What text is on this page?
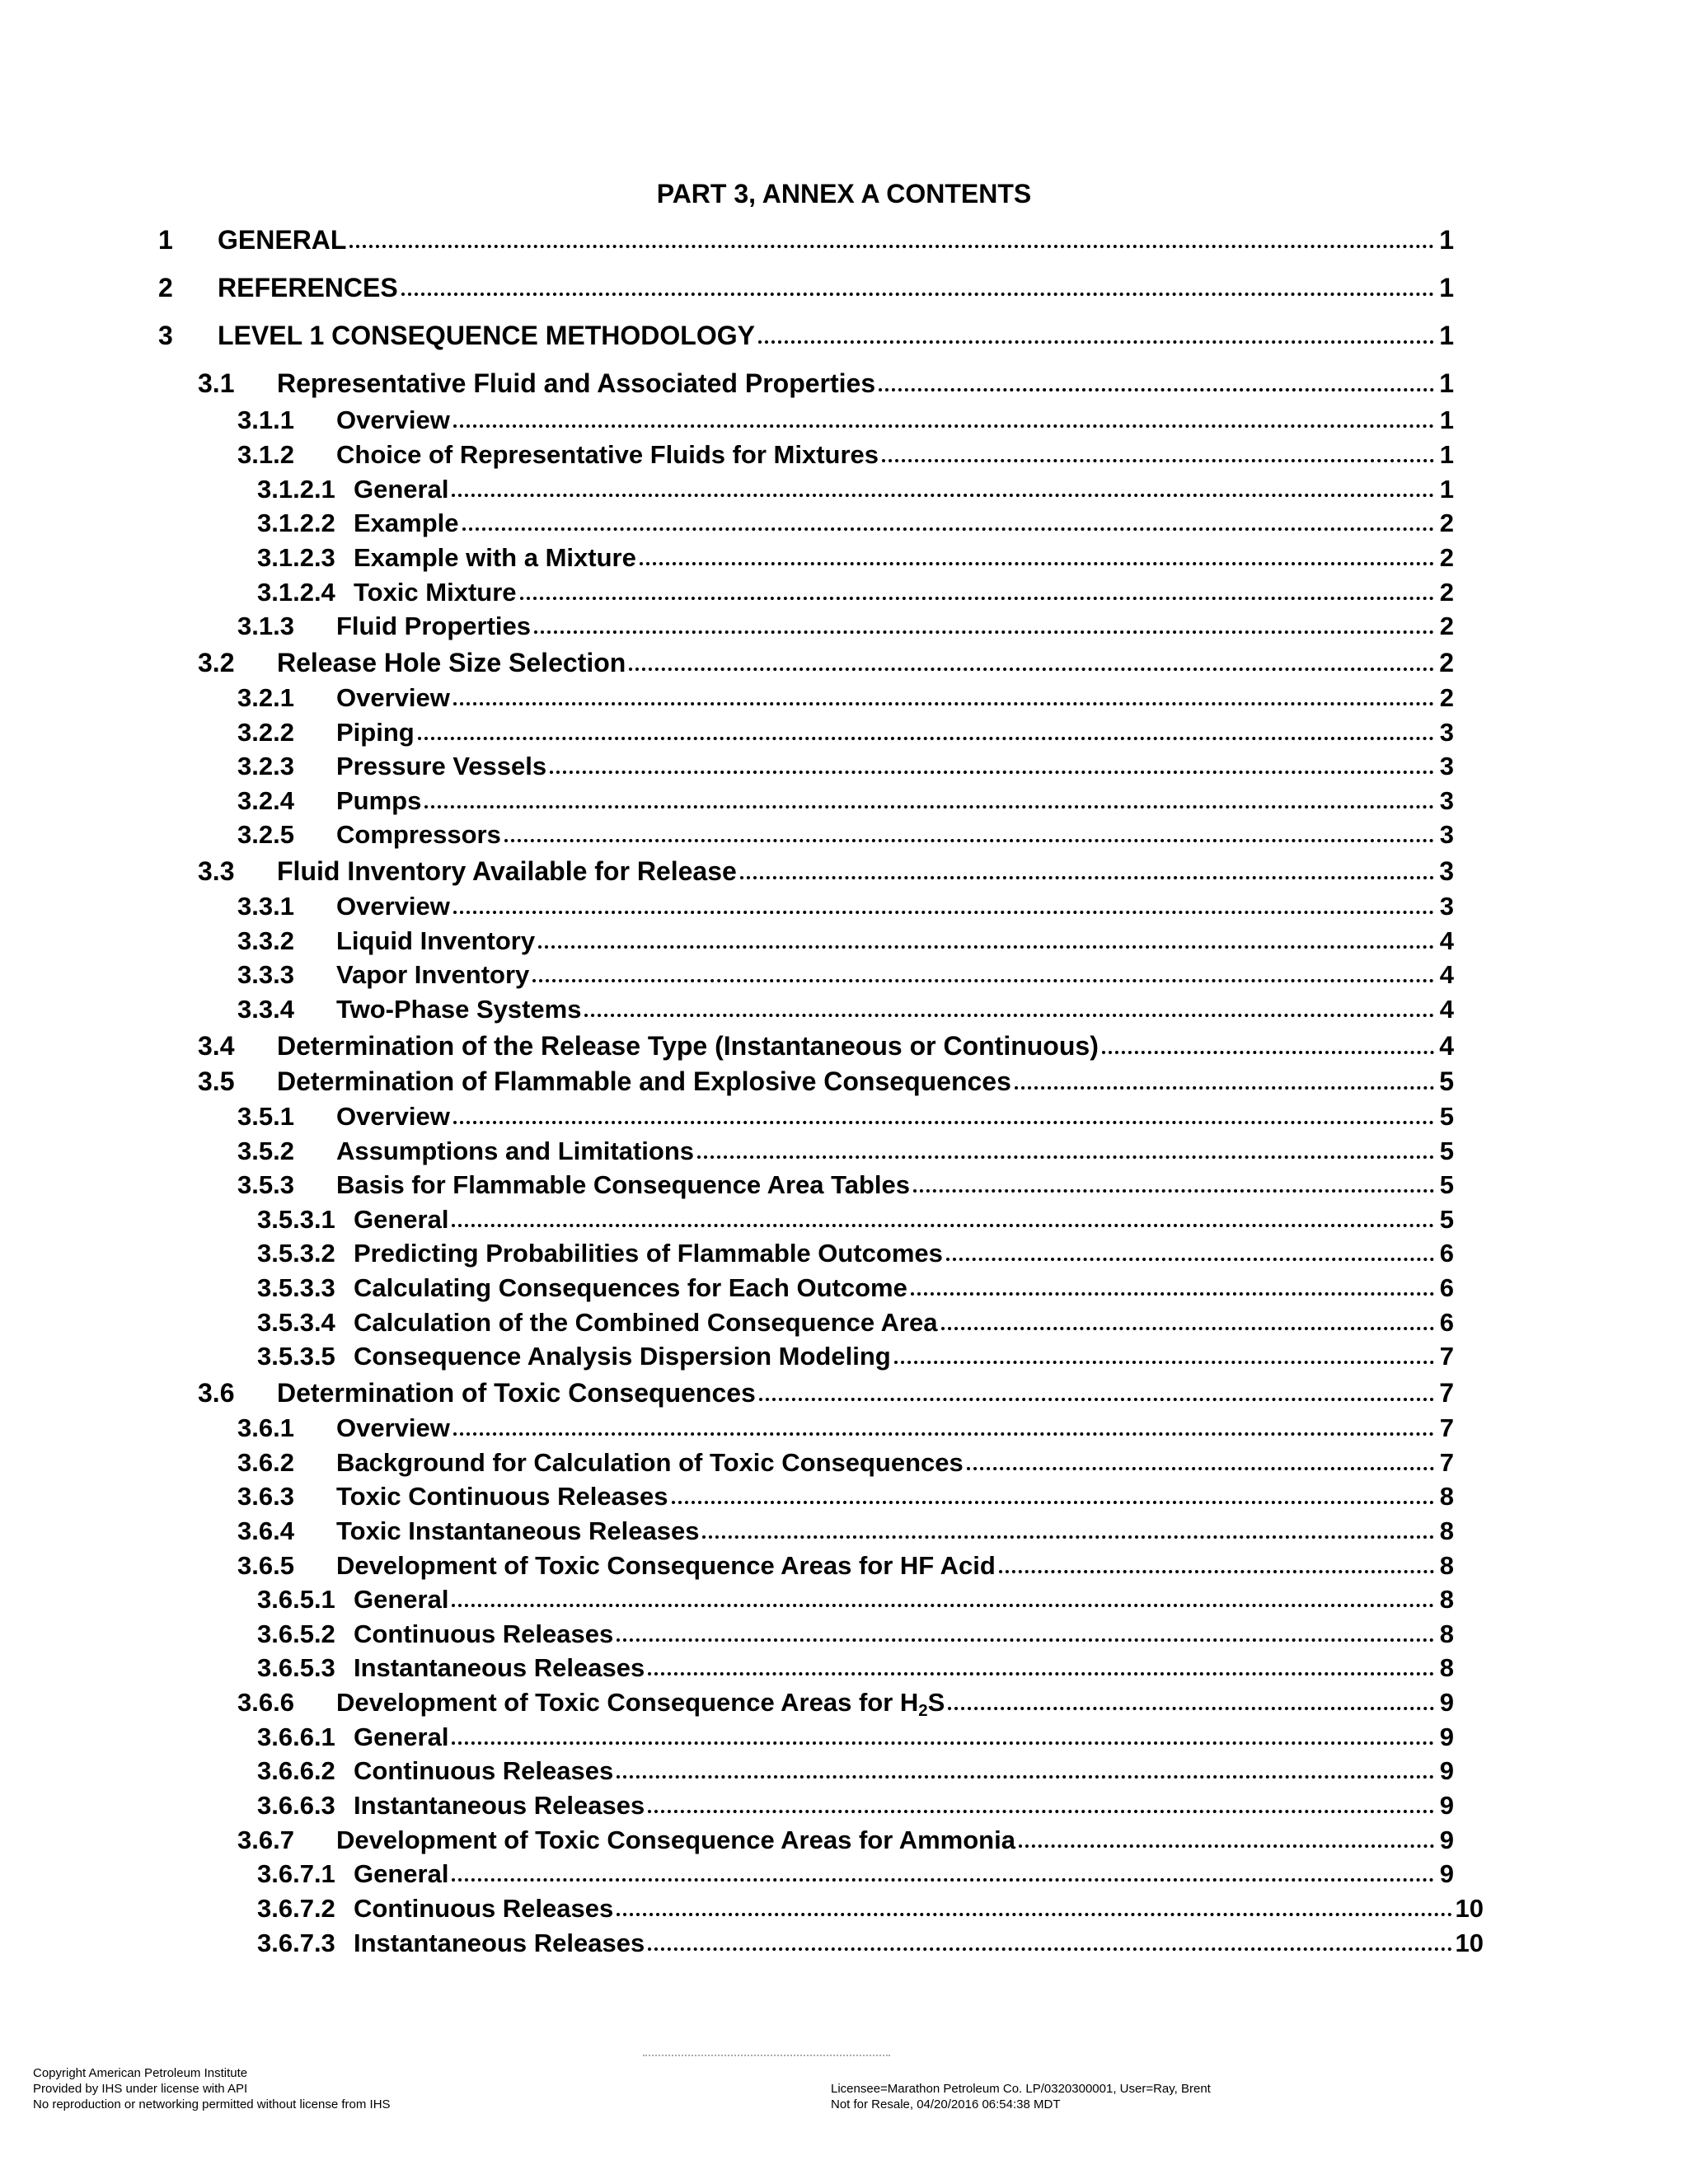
PART 3, ANNEX A CONTENTS
1	GENERAL	1
2	REFERENCES	1
3	LEVEL 1 CONSEQUENCE METHODOLOGY	1
3.1	Representative Fluid and Associated Properties	1
3.1.1	Overview	1
3.1.2	Choice of Representative Fluids for Mixtures	1
3.1.2.1 General	1
3.1.2.2 Example	2
3.1.2.3 Example with a Mixture	2
3.1.2.4 Toxic Mixture	2
3.1.3	Fluid Properties	2
3.2	Release Hole Size Selection	2
3.2.1	Overview	2
3.2.2	Piping	3
3.2.3	Pressure Vessels	3
3.2.4	Pumps	3
3.2.5	Compressors	3
3.3	Fluid Inventory Available for Release	3
3.3.1	Overview	3
3.3.2	Liquid Inventory	4
3.3.3	Vapor Inventory	4
3.3.4	Two-Phase Systems	4
3.4	Determination of the Release Type (Instantaneous or Continuous)	4
3.5	Determination of Flammable and Explosive Consequences	5
3.5.1	Overview	5
3.5.2	Assumptions and Limitations	5
3.5.3	Basis for Flammable Consequence Area Tables	5
3.5.3.1 General	5
3.5.3.2 Predicting Probabilities of Flammable Outcomes	6
3.5.3.3 Calculating Consequences for Each Outcome	6
3.5.3.4 Calculation of the Combined Consequence Area	6
3.5.3.5 Consequence Analysis Dispersion Modeling	7
3.6	Determination of Toxic Consequences	7
3.6.1	Overview	7
3.6.2	Background for Calculation of Toxic Consequences	7
3.6.3	Toxic Continuous Releases	8
3.6.4	Toxic Instantaneous Releases	8
3.6.5	Development of Toxic Consequence Areas for HF Acid	8
3.6.5.1 General	8
3.6.5.2 Continuous Releases	8
3.6.5.3 Instantaneous Releases	8
3.6.6	Development of Toxic Consequence Areas for $H_2S$	9
3.6.6.1 General	9
3.6.6.2 Continuous Releases	9
3.6.6.3 Instantaneous Releases	9
3.6.7	Development of Toxic Consequence Areas for Ammonia	9
3.6.7.1 General	9
3.6.7.2 Continuous Releases	10
3.6.7.3 Instantaneous Releases	10
Copyright American Petroleum Institute
Provided by IHS under license with API
No reproduction or networking permitted without license from IHS
Licensee=Marathon Petroleum Co. LP/0320300001, User=Ray, Brent
Not for Resale, 04/20/2016 06:54:38 MDT
